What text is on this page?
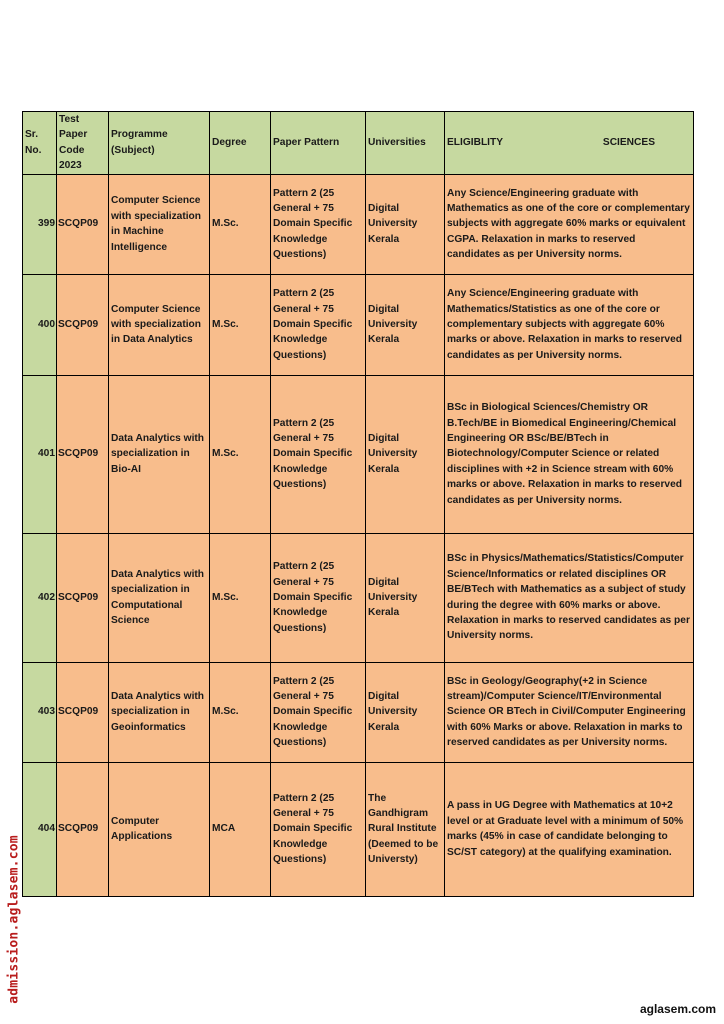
Sr. No.	Test Paper Code 2023	Programme (Subject)	Degree	Paper Pattern	Universities	ELIGIBLITY SCIENCES

399	SCQP09	Computer Science with specialization in Machine Intelligence	M.Sc.	Pattern 2 (25 General + 75 Domain Specific Knowledge Questions)	Digital University Kerala	Any Science/Engineering graduate with Mathematics as one of the core or complementary subjects with aggregate 60% marks or equivalent CGPA. Relaxation in marks to reserved candidates as per University norms.
400	SCQP09	Computer Science with specialization in Data Analytics	M.Sc.	Pattern 2 (25 General + 75 Domain Specific Knowledge Questions)	Digital University Kerala	Any Science/Engineering graduate with Mathematics/Statistics as one of the core or complementary subjects with aggregate 60% marks or above. Relaxation in marks to reserved candidates as per University norms.
401	SCQP09	Data Analytics with specialization in Bio-AI	M.Sc.	Pattern 2 (25 General + 75 Domain Specific Knowledge Questions)	Digital University Kerala	BSc in Biological Sciences/Chemistry OR B.Tech/BE in Biomedical Engineering/Chemical Engineering OR BSc/BE/BTech in Biotechnology/Computer Science or related disciplines with +2 in Science stream with 60% marks or above. Relaxation in marks to reserved candidates as per University norms.
402	SCQP09	Data Analytics with specialization in Computational Science	M.Sc.	Pattern 2 (25 General + 75 Domain Specific Knowledge Questions)	Digital University Kerala	BSc in Physics/Mathematics/Statistics/Computer Science/Informatics or related disciplines OR BE/BTech with Mathematics as a subject of study during the degree with 60% marks or above. Relaxation in marks to reserved candidates as per University norms.
403	SCQP09	Data Analytics with specialization in Geoinformatics	M.Sc.	Pattern 2 (25 General + 75 Domain Specific Knowledge Questions)	Digital University Kerala	BSc in Geology/Geography(+2 in Science stream)/Computer Science/IT/Environmental Science OR BTech in Civil/Computer Engineering with 60% Marks or above. Relaxation in marks to reserved candidates as per University norms.
404	SCQP09	Computer Applications	MCA	Pattern 2 (25 General + 75 Domain Specific Knowledge Questions)	The Gandhigram Rural Institute (Deemed to be Universty)	A pass in UG Degree with Mathematics at 10+2 level or at Graduate level with a minimum of 50% marks (45% in case of candidate belonging to SC/ST category) at the qualifying examination.
admission.aglasem.com
aglasem.com
